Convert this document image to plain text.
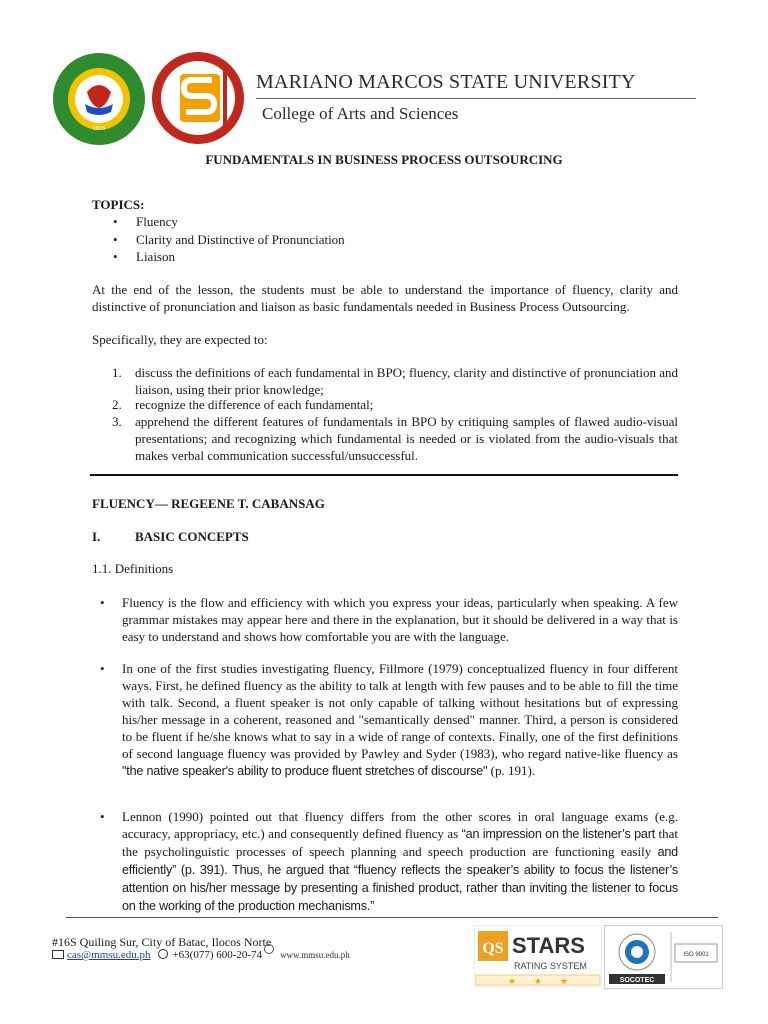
1978
MARIANO MARCOS STATE UNIVERSITY
College of Arts and Sciences
FUNDAMENTALS IN BUSINESS PROCESS OUTSOURCING
TOPICS:
•	Fluency
•	Clarity and Distinctive of Pronunciation
•	Liaison
At the end of the lesson, the students must be able to understand the importance of fluency, clarity and distinctive of pronunciation and liaison as basic fundamentals needed in Business Process Outsourcing.
Specifically, they are expected to:
1. discuss the definitions of each fundamental in BPO; fluency, clarity and distinctive of pronunciation and liaison, using their prior knowledge;
2. recognize the difference of each fundamental;
3. apprehend the different features of fundamentals in BPO by critiquing samples of flawed audio-visual presentations; and recognizing which fundamental is needed or is violated from the audio-visuals that makes verbal communication successful/unsuccessful.
FLUENCY— REGEENE T. CABANSAG
I.	BASIC CONCEPTS
1.1. Definitions
•	Fluency is the flow and efficiency with which you express your ideas, particularly when speaking. A few grammar mistakes may appear here and there in the explanation, but it should be delivered in a way that is easy to understand and shows how comfortable you are with the language.
•	In one of the first studies investigating fluency, Fillmore (1979) conceptualized fluency in four different ways. First, he defined fluency as the ability to talk at length with few pauses and to be able to fill the time with talk. Second, a fluent speaker is not only capable of talking without hesitations but of expressing his/her message in a coherent, reasoned and "semantically densed" manner. Third, a person is considered to be fluent if he/she knows what to say in a wide of range of contexts. Finally, one of the first definitions of second language fluency was provided by Pawley and Syder (1983), who regard native-like fluency as "the native speaker's ability to produce fluent stretches of discourse" (p. 191).
•	Lennon (1990) pointed out that fluency differs from the other scores in oral language exams (e.g. accuracy, appropriacy, etc.) and consequently defined fluency as “an impression on the listener’s part that the psycholinguistic processes of speech planning and speech production are functioning easily and efficiently” (p. 391). Thus, he argued that “fluency reflects the speaker’s ability to focus the listener’s attention on his/her message by presenting a finished product, rather than inviting the listener to focus on the working of the production mechanisms.”
#16S Quiling Sur, City of Batac, Ilocos Norte
cas@mmsu.edu.ph +63(077) 600-20-74 www.mmsu.edu.ph	QS STARS
RATING SYSTEM
★ ★ ★	SOCOTEC
ISO 9001
